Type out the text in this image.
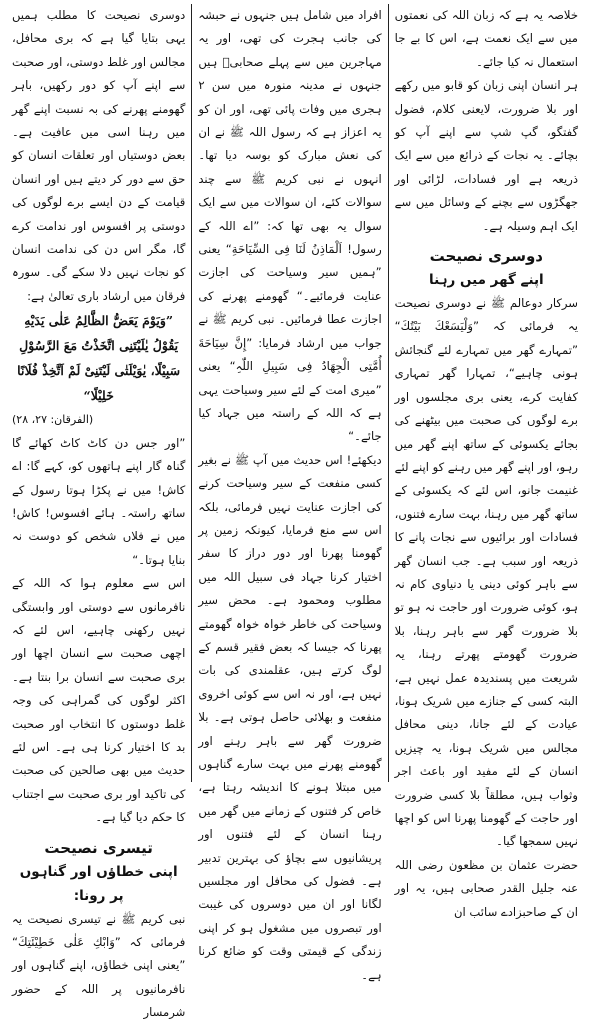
خلاصہ یہ ہے کہ زبان اللہ کی نعمتوں میں سے ایک نعمت ہے، اس کا بے جا استعمال نہ کیا جائے۔

ہر انسان اپنی زبان کو قابو میں رکھے اور بلا ضرورت، لایعنی کلام، فضول گفتگو، گپ شپ سے اپنے آپ کو بچائے۔ یہ نجات کے ذرائع میں سے ایک ذریعہ ہے اور فسادات، لڑائی اور جھگڑوں سے بچنے کے وسائل میں سے ایک اہم وسیلہ ہے۔

دوسری نصیحت
اپنے گھر میں رہنا

سرکار دوعالم ﷺ نے دوسری نصیحت یہ فرمائی کہ ”وَلْیَسَعْكَ بَیْتُكَ“ ”تمہارے گھر میں تمہارے لئے گنجائش ہونی چاہیے“، تمہارا گھر تمہاری کفایت کرے، یعنی بری مجلسوں اور برے لوگوں کی صحبت میں بیٹھنے کی بجائے یکسوئی کے ساتھ اپنے گھر میں رہو، اور اپنے گھر میں رہنے کو اپنے لئے غنیمت جانو، اس لئے کہ یکسوئی کے ساتھ گھر میں رہنا، بہت سارے فتنوں، فسادات اور برائیوں سے نجات پانے کا ذریعہ اور سبب ہے۔ جب انسان گھر سے باہر کوئی دینی یا دنیاوی کام نہ ہو، کوئی ضرورت اور حاجت نہ ہو تو بلا ضرورت گھر سے باہر رہنا، بلا ضرورت گھومتے پھرتے رہنا، یہ شریعت میں پسندیدہ عمل نہیں ہے، البتہ کسی کے جنازے میں شریک ہونا، عیادت کے لئے جانا، دینی محافل مجالس میں شریک ہونا، یہ چیزیں انسان کے لئے مفید اور باعث اجر وثواب ہیں، مطلقاً بلا کسی ضرورت اور حاجت کے گھومنا پھرنا اس کو اچھا نہیں سمجھا گیا۔

حضرت عثمان بن مظعون رضی اللہ عنہ جلیل القدر صحابی ہیں، یہ اور ان کے صاحبزادے سائب ان

افراد میں شامل ہیں جنہوں نے حبشہ کی جانب ہجرت کی تھی، اور یہ مہاجرین میں سے پہلے صحابیؓ ہیں جنہوں نے مدینہ منورہ میں سن ۲ ہجری میں وفات پائی تھی، اور ان کو یہ اعزاز ہے کہ رسول اللہ ﷺ نے ان کی نعش مبارک کو بوسہ دیا تھا۔ انہوں نے نبی کریم ﷺ سے چند سوالات کئے، ان سوالات میں سے ایک سوال یہ بھی تھا کہ: ”اے اللہ کے رسول! اَلْمَاذِنُ لَنَا فِی السِّیَاحَةِ“ یعنی ”ہمیں سیر وسیاحت کی اجازت عنایت فرمائیے۔“ گھومنے پھرنے کی اجازت عطا فرمائیں۔ نبی کریم ﷺ نے جواب میں ارشاد فرمایا: ”إِنَّ سِیَاحَةَ أُمَّتِی الْجِهَادُ فِی سَبِیلِ اللّٰہِ“ یعنی ”میری امت کے لئے سیر وسیاحت یہی ہے کہ اللہ کے راستہ میں جہاد کیا جائے۔“

دیکھئے! اس حدیث میں آپ ﷺ نے بغیر کسی منفعت کے سیر وسیاحت کرنے کی اجازت عنایت نہیں فرمائی، بلکہ اس سے منع فرمایا، کیونکہ زمین پر گھومنا پھرنا اور دور دراز کا سفر اختیار کرنا جہاد فی سبیل اللہ میں مطلوب ومحمود ہے۔ محض سیر وسیاحت کی خاطر خواہ خواہ گھومتے پھرنا کہ جیسا کہ بعض فقیر قسم کے لوگ کرتے ہیں، عقلمندی کی بات نہیں ہے، اور نہ اس سے کوئی اخروی منفعت و بھلائی حاصل ہوتی ہے۔ بلا ضرورت گھر سے باہر رہنے اور گھومنے پھرنے میں بہت سارے گناہوں میں مبتلا ہونے کا اندیشہ رہتا ہے، خاص کر فتنوں کے زمانے میں گھر میں رہنا انسان کے لئے فتنوں اور پریشانیوں سے بچاؤ کی بہترین تدبیر ہے۔ فضول کی محافل اور مجلسیں لگانا اور ان میں دوسروں کی غیبت اور تبصروں میں مشغول ہو کر اپنی زندگی کے قیمتی وقت کو ضائع کرنا ہے۔

دوسری نصیحت کا مطلب ہمیں یہی بتایا گیا ہے کہ بری محافل، مجالس اور غلط دوستی، اور صحبت سے اپنے آپ کو دور رکھیں، باہر گھومنے پھرنے کی بہ نسبت اپنے گھر میں رہنا اسی میں عافیت ہے۔ بعض دوستیاں اور تعلقات انسان کو حق سے دور کر دیتے ہیں اور انسان قیامت کے دن ایسے برے لوگوں کی دوستی پر افسوس اور ندامت کرے گا، مگر اس دن کی ندامت انسان کو نجات نہیں دلا سکے گی۔ سورہ فرقان میں ارشاد باری تعالیٰ ہے:

”وَیَوْمَ یَعَضُّ الظَّالِمُ عَلٰی یَدَیْهِ یَقُوْلُ یٰلَیْتَنِی اتَّخَذْتُ مَعَ الرَّسُوْلِ سَبِیْلًا، یٰوَیْلَتٰی لَیْتَنِیْ لَمْ اَتَّخِذْ فُلَانًا خَلِیْلًا“
(الفرقان: ۲۷، ۲۸)

”اور جس دن کاٹ کاٹ کھائے گا گناہ گار اپنے ہاتھوں کو، کہے گا: اے کاش! میں نے پکڑا ہوتا رسول کے ساتھ راستہ۔ ہائے افسوس! کاش! میں نے فلاں شخص کو دوست نہ بنایا ہوتا۔“

اس سے معلوم ہوا کہ اللہ کے نافرمانوں سے دوستی اور وابستگی نہیں رکھنی چاہیے، اس لئے کہ اچھی صحبت سے انسان اچھا اور بری صحبت سے انسان برا بنتا ہے۔ اکثر لوگوں کی گمراہی کی وجہ غلط دوستوں کا انتخاب اور صحبت بد کا اختیار کرنا ہی ہے۔ اس لئے حدیث میں بھی صالحین کی صحبت کی تاکید اور بری صحبت سے اجتناب کا حکم دیا گیا ہے۔

تیسری نصیحت
اپنی خطاؤں اور گناہوں پر رونا:

نبی کریم ﷺ نے تیسری نصیحت یہ فرمائی کہ ”وَابْكِ عَلٰی خَطِیْئَتِكَ“ ”یعنی اپنی خطاؤں، اپنے گناہوں اور نافرمانیوں پر اللہ کے حضور شرمسار
